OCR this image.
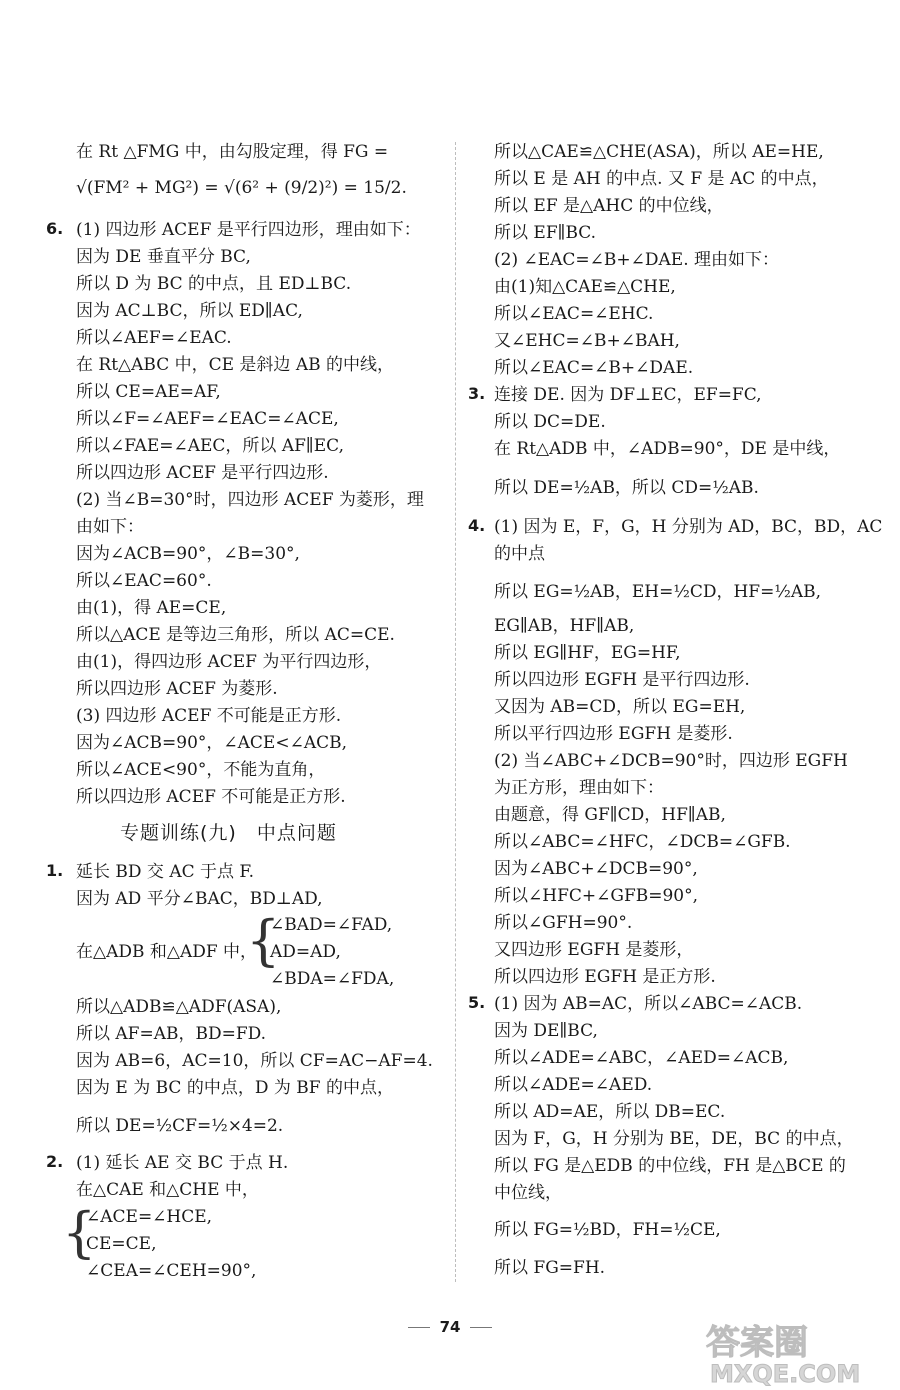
在 Rt △FMG 中，由勾股定理，得 FG =
√(FM² + MG²) = √(6² + (9/2)²) = 15/2.
6. (1) 四边形 ACEF 是平行四边形，理由如下：
因为 DE 垂直平分 BC,
所以 D 为 BC 的中点，且 ED⊥BC.
因为 AC⊥BC，所以 ED∥AC,
所以∠AEF=∠EAC.
在 Rt△ABC 中，CE 是斜边 AB 的中线，
所以 CE=AE=AF,
所以∠F=∠AEF=∠EAC=∠ACE,
所以∠FAE=∠AEC，所以 AF∥EC,
所以四边形 ACEF 是平行四边形.
(2) 当∠B=30°时，四边形 ACEF 为菱形，理
由如下：
因为∠ACB=90°，∠B=30°,
所以∠EAC=60°.
由(1)，得 AE=CE,
所以△ACE 是等边三角形，所以 AC=CE.
由(1)，得四边形 ACEF 为平行四边形，
所以四边形 ACEF 为菱形.
(3) 四边形 ACEF 不可能是正方形.
因为∠ACB=90°，∠ACE<∠ACB,
所以∠ACE<90°，不能为直角，
所以四边形 ACEF 不可能是正方形.
专题训练(九)　中点问题
1. 延长 BD 交 AC 于点 F.
因为 AD 平分∠BAC，BD⊥AD,
在△ADB 和△ADF 中，
{
∠BAD=∠FAD,
AD=AD,
∠BDA=∠FDA,
所以△ADB≌△ADF(ASA),
所以 AF=AB，BD=FD.
因为 AB=6，AC=10，所以 CF=AC−AF=4.
因为 E 为 BC 的中点，D 为 BF 的中点，
所以 DE=½CF=½×4=2.
2. (1) 延长 AE 交 BC 于点 H.
在△CAE 和△CHE 中，
{
∠ACE=∠HCE,
CE=CE,
∠CEA=∠CEH=90°,
所以△CAE≌△CHE(ASA)，所以 AE=HE,
所以 E 是 AH 的中点. 又 F 是 AC 的中点，
所以 EF 是△AHC 的中位线，
所以 EF∥BC.
(2) ∠EAC=∠B+∠DAE. 理由如下：
由(1)知△CAE≌△CHE,
所以∠EAC=∠EHC.
又∠EHC=∠B+∠BAH,
所以∠EAC=∠B+∠DAE.
3. 连接 DE. 因为 DF⊥EC，EF=FC,
所以 DC=DE.
在 Rt△ADB 中，∠ADB=90°，DE 是中线，
所以 DE=½AB，所以 CD=½AB.
4. (1) 因为 E，F，G，H 分别为 AD，BC，BD，AC
的中点
所以 EG=½AB，EH=½CD，HF=½AB,
EG∥AB，HF∥AB,
所以 EG∥HF，EG=HF,
所以四边形 EGFH 是平行四边形.
又因为 AB=CD，所以 EG=EH,
所以平行四边形 EGFH 是菱形.
(2) 当∠ABC+∠DCB=90°时，四边形 EGFH
为正方形，理由如下：
由题意，得 GF∥CD，HF∥AB,
所以∠ABC=∠HFC，∠DCB=∠GFB.
因为∠ABC+∠DCB=90°,
所以∠HFC+∠GFB=90°,
所以∠GFH=90°.
又四边形 EGFH 是菱形，
所以四边形 EGFH 是正方形.
5. (1) 因为 AB=AC，所以∠ABC=∠ACB.
因为 DE∥BC,
所以∠ADE=∠ABC，∠AED=∠ACB,
所以∠ADE=∠AED.
所以 AD=AE，所以 DB=EC.
因为 F，G，H 分别为 BE，DE，BC 的中点，
所以 FG 是△EDB 的中位线，FH 是△BCE 的
中位线，
所以 FG=½BD，FH=½CE,
所以 FG=FH.
74	答案圈
MXQE.COM
